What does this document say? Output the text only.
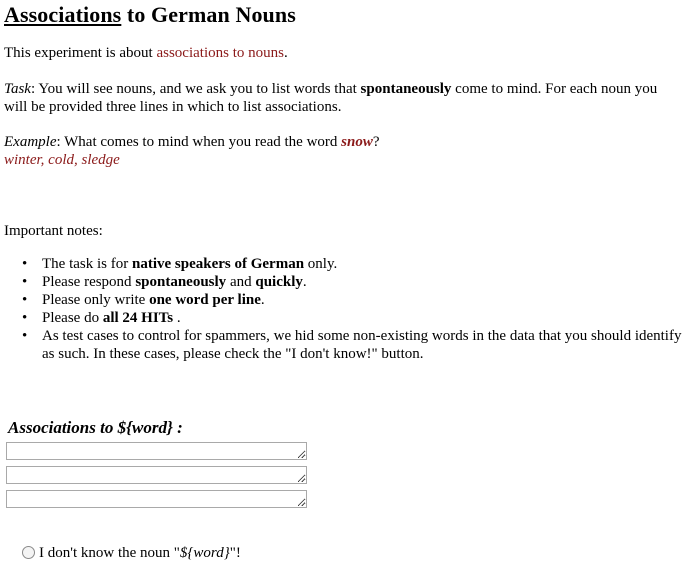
Associations to German Nouns

This experiment is about associations to nouns.

Task: You will see nouns, and we ask you to list words that spontaneously come to mind. For each noun you will be provided three lines in which to list associations.

Example: What comes to mind when you read the word snow?

winter, cold, sledge

Important notes:

• The task is for native speakers of German only.
• Please respond spontaneously and quickly.
• Please only write one word per line.
• Please do all 24 HITs .
• As test cases to control for spammers, we hid some non-existing words in the data that you should identify as such. In these cases, please check the "I don't know!" button.
Associations to ${word} :
I don't know the noun "${word}"!
